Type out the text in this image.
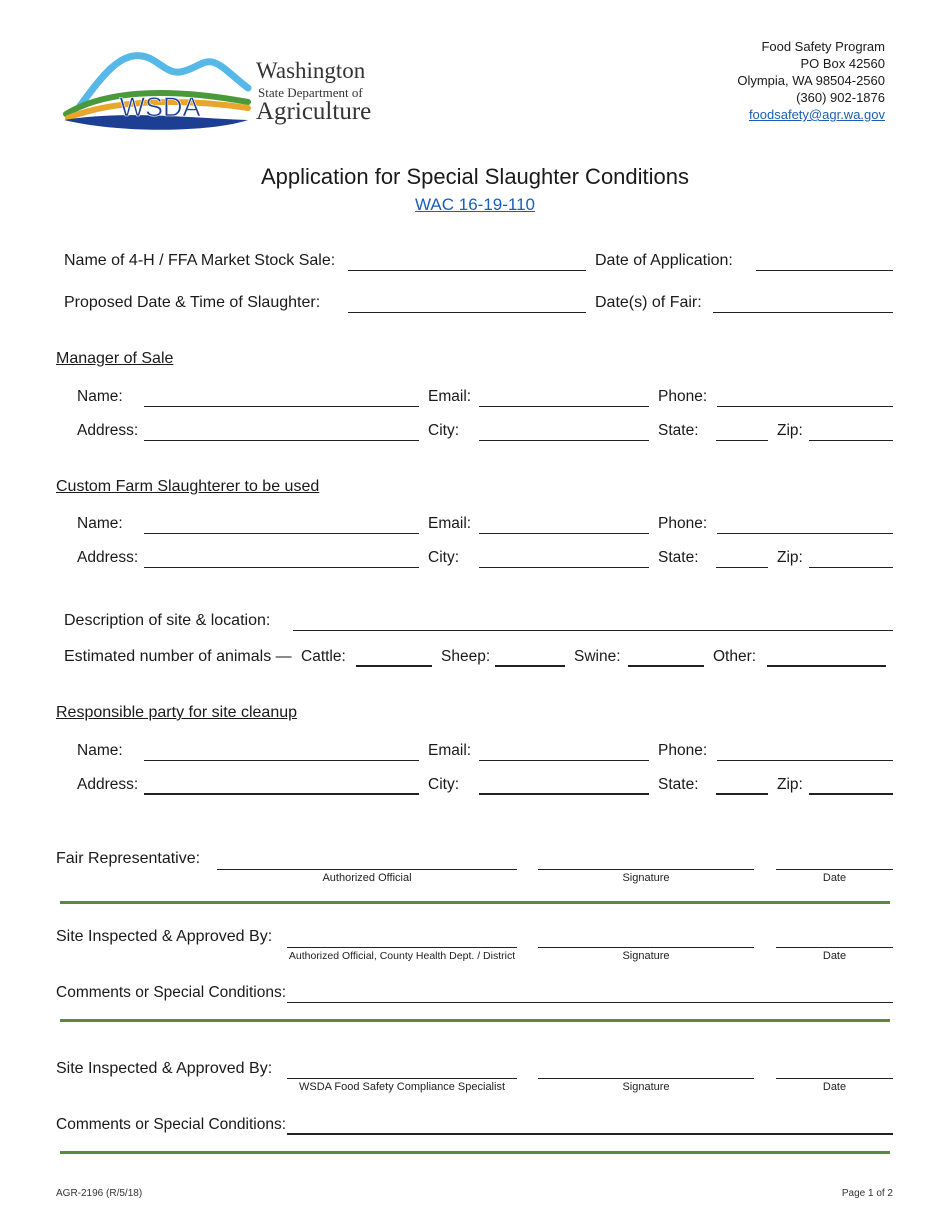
WSDA
Washington
State Department of
Agriculture
Food Safety Program
PO Box 42560
Olympia, WA 98504-2560
(360) 902-1876
foodsafety@agr.wa.gov
Application for Special Slaughter Conditions
WAC 16-19-110
Name of 4-H / FFA Market Stock Sale:	Date of Application:
Proposed Date & Time of Slaughter:	Date(s) of Fair:
Manager of Sale
Name:	Email:	Phone:
Address:	City:	State:	Zip:
Custom Farm Slaughterer to be used
Name:	Email:	Phone:
Address:	City:	State:	Zip:
Description of site & location:
Estimated number of animals — Cattle:	Sheep:	Swine:	Other:
Responsible party for site cleanup
Name:	Email:	Phone:
Address:	City:	State:	Zip:
Fair Representative:
Authorized Official	Signature	Date
Site Inspected & Approved By:
Authorized Official, County Health Dept. / District	Signature	Date
Comments or Special Conditions:
Site Inspected & Approved By:
WSDA Food Safety Compliance Specialist	Signature	Date
Comments or Special Conditions:
AGR-2196 (R/5/18)	Page 1 of 2
